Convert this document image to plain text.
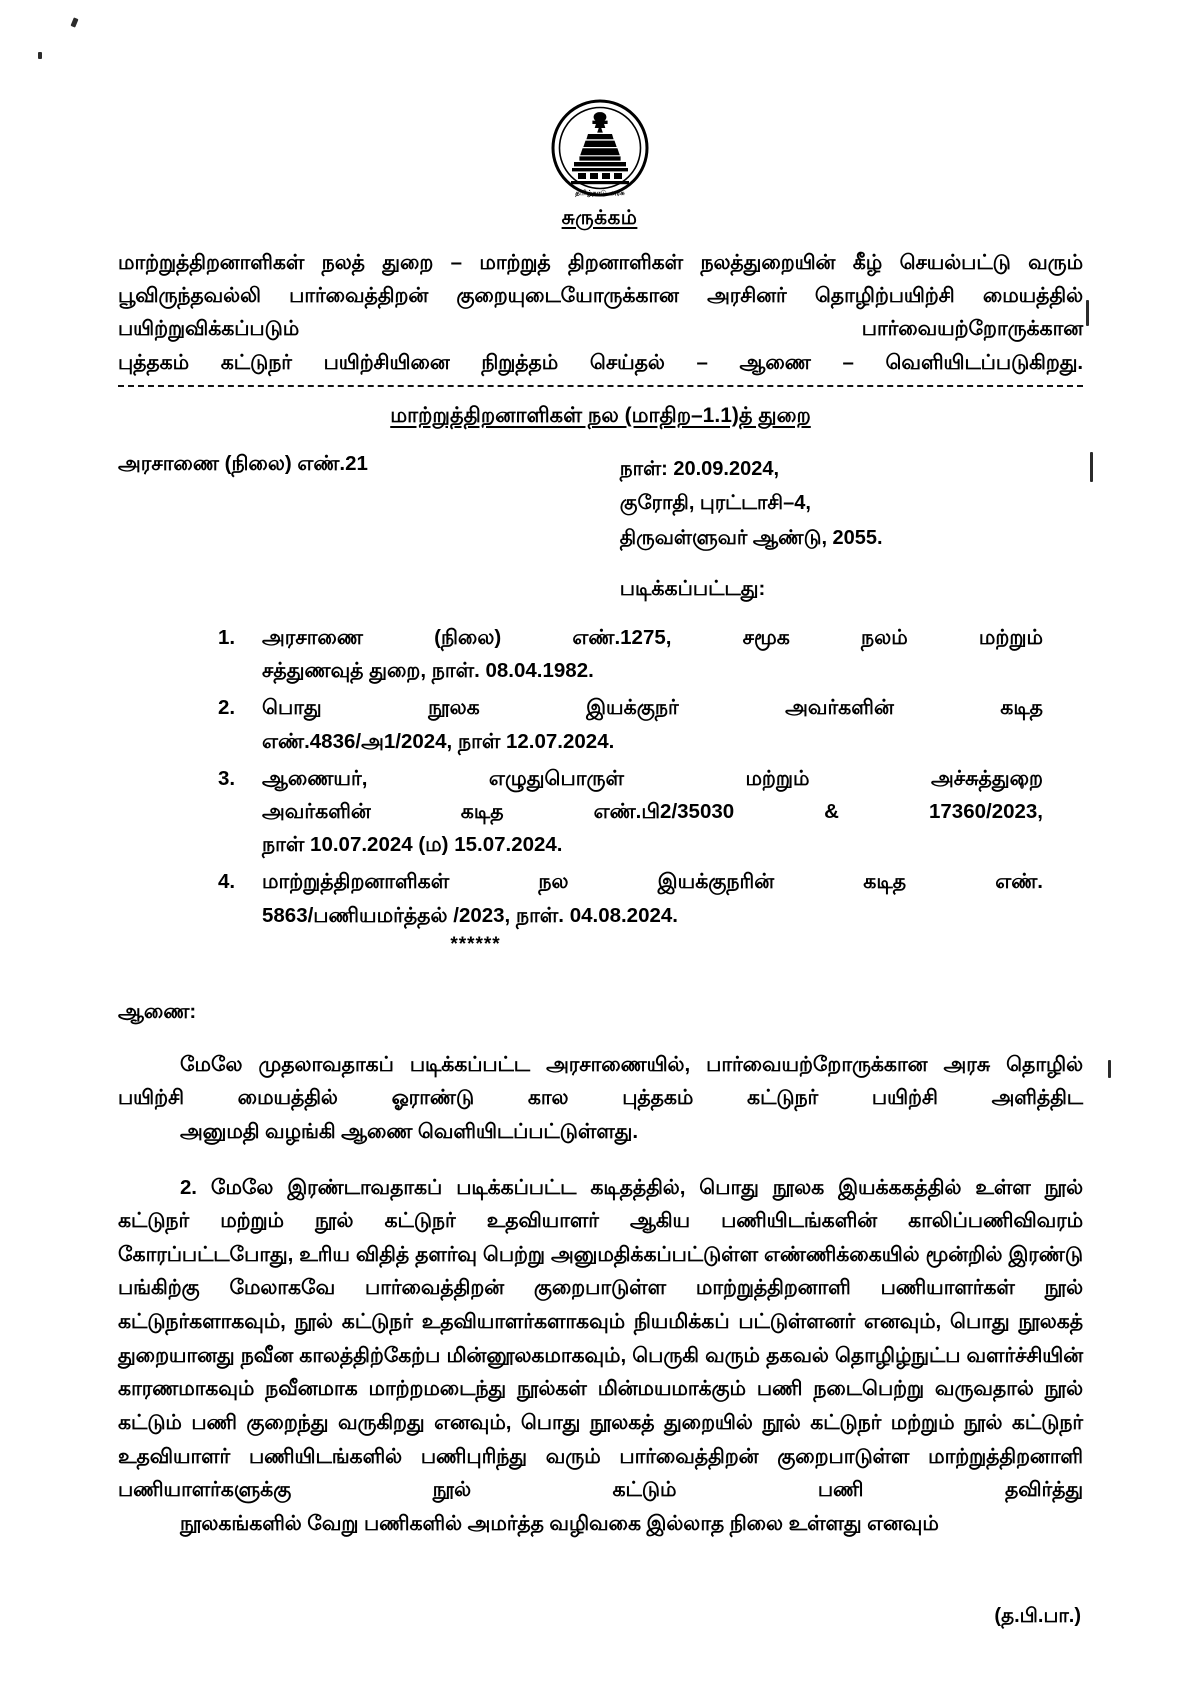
தமிழ்நாடு அரசு
சுருக்கம்
மாற்றுத்திறனாளிகள் நலத் துறை – மாற்றுத் திறனாளிகள் நலத்துறையின் கீழ் செயல்பட்டு வரும் பூவிருந்தவல்லி பார்வைத்திறன் குறையுடையோருக்கான அரசினர் தொழிற்பயிற்சி மையத்தில் பயிற்றுவிக்கப்படும் பார்வையற்றோருக்கான
புத்தகம் கட்டுநர் பயிற்சியினை நிறுத்தம் செய்தல் – ஆணை – வெளியிடப்படுகிறது.
மாற்றுத்திறனாளிகள் நல (மாதிற–1.1)த் துறை
அரசாணை (நிலை) எண்.21	நாள்: 20.09.2024,
குரோதி, புரட்டாசி–4,
திருவள்ளுவர் ஆண்டு, 2055.
படிக்கப்பட்டது:
1.	அரசாணை (நிலை) எண்.1275, சமூக நலம் மற்றும்
சத்துணவுத் துறை, நாள். 08.04.1982.
2.	பொது நூலக இயக்குநர் அவர்களின் கடித
எண்.4836/அ1/2024, நாள் 12.07.2024.
3.	ஆணையர், எழுதுபொருள் மற்றும் அச்சுத்துறை
அவர்களின் கடித எண்.பி2/35030 & 17360/2023,
நாள் 10.07.2024 (ம) 15.07.2024.
4.	மாற்றுத்திறனாளிகள் நல இயக்குநரின் கடித எண்.
5863/பணியமர்த்தல் /2023, நாள். 04.08.2024.
******
ஆணை:
மேலே முதலாவதாகப் படிக்கப்பட்ட அரசாணையில், பார்வையற்றோருக்கான அரசு தொழில் பயிற்சி மையத்தில் ஓராண்டு கால புத்தகம் கட்டுநர் பயிற்சி அளித்திட
அனுமதி வழங்கி ஆணை வெளியிடப்பட்டுள்ளது.
2. மேலே இரண்டாவதாகப் படிக்கப்பட்ட கடிதத்தில், பொது நூலக இயக்ககத்தில் உள்ள நூல் கட்டுநர் மற்றும் நூல் கட்டுநர் உதவியாளர் ஆகிய பணியிடங்களின் காலிப்பணிவிவரம் கோரப்பட்டபோது, உரிய விதித் தளர்வு பெற்று அனுமதிக்கப்பட்டுள்ள எண்ணிக்கையில் மூன்றில் இரண்டு பங்கிற்கு மேலாகவே பார்வைத்திறன் குறைபாடுள்ள மாற்றுத்திறனாளி பணியாளர்கள் நூல் கட்டுநர்களாகவும், நூல் கட்டுநர் உதவியாளர்களாகவும் நியமிக்கப் பட்டுள்ளனர் எனவும், பொது நூலகத் துறையானது நவீன காலத்திற்கேற்ப மின்னூலகமாகவும், பெருகி வரும் தகவல் தொழிழ்நுட்ப வளர்ச்சியின் காரணமாகவும் நவீனமாக மாற்றமடைந்து நூல்கள் மின்மயமாக்கும் பணி நடைபெற்று வருவதால் நூல் கட்டும் பணி குறைந்து வருகிறது எனவும், பொது நூலகத் துறையில் நூல் கட்டுநர் மற்றும் நூல் கட்டுநர் உதவியாளர் பணியிடங்களில் பணிபுரிந்து வரும் பார்வைத்திறன் குறைபாடுள்ள மாற்றுத்திறனாளி பணியாளர்களுக்கு நூல் கட்டும் பணி தவிர்த்து
நூலகங்களில் வேறு பணிகளில் அமர்த்த வழிவகை இல்லாத நிலை உள்ளது எனவும்
(த.பி.பா.)
